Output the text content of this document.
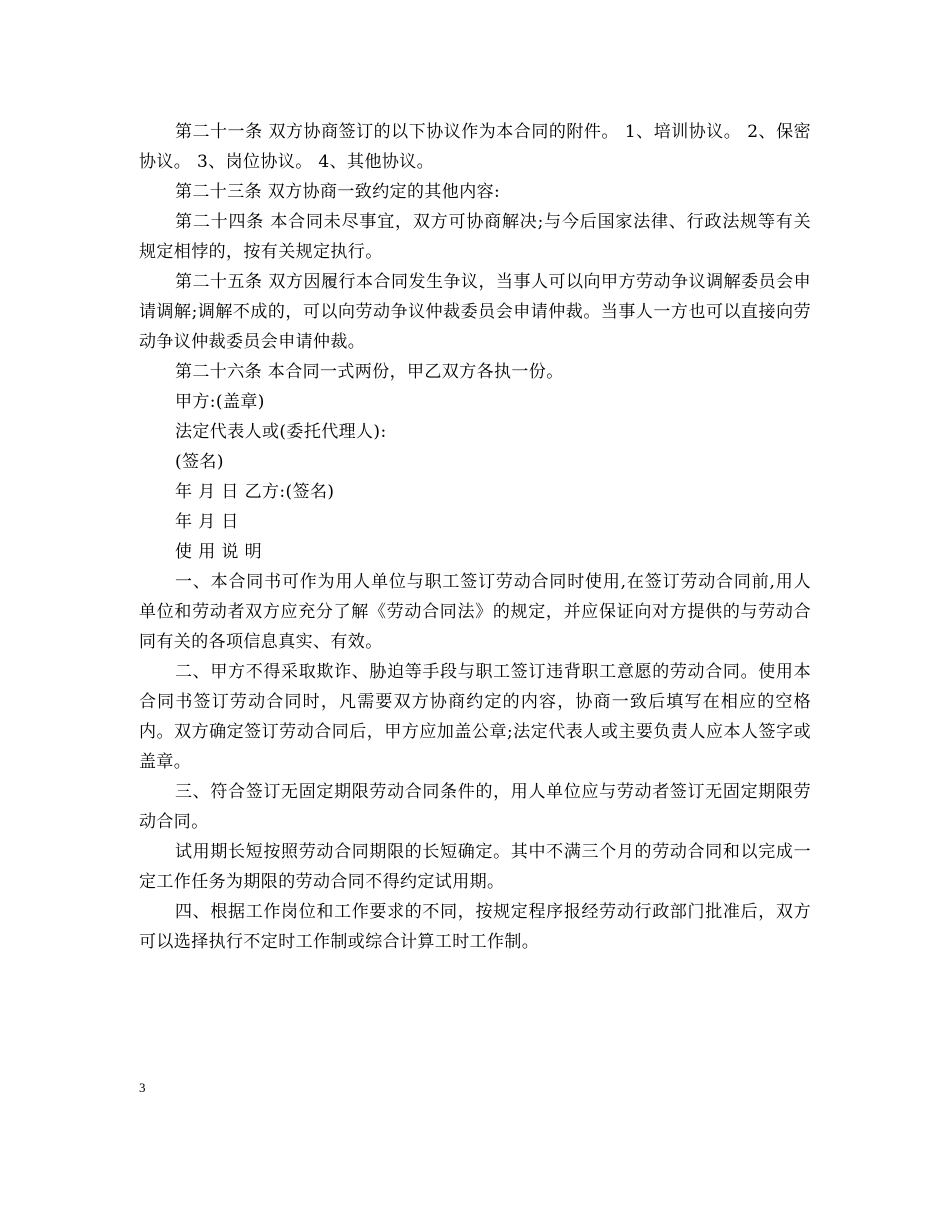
第二十一条 双方协商签订的以下协议作为本合同的附件。 1、培训协议。 2、保密协议。 3、岗位协议。 4、其他协议。

第二十三条 双方协商一致约定的其他内容:

第二十四条 本合同未尽事宜，双方可协商解决;与今后国家法律、行政法规等有关规定相悖的，按有关规定执行。

第二十五条 双方因履行本合同发生争议，当事人可以向甲方劳动争议调解委员会申请调解;调解不成的，可以向劳动争议仲裁委员会申请仲裁。当事人一方也可以直接向劳动争议仲裁委员会申请仲裁。

第二十六条 本合同一式两份，甲乙双方各执一份。

甲方:(盖章)

法定代表人或(委托代理人):

(签名)

年 月 日 乙方:(签名)

年 月 日

使 用 说 明

一、本合同书可作为用人单位与职工签订劳动合同时使用,在签订劳动合同前,用人单位和劳动者双方应充分了解《劳动合同法》的规定，并应保证向对方提供的与劳动合同有关的各项信息真实、有效。

二、甲方不得采取欺诈、胁迫等手段与职工签订违背职工意愿的劳动合同。使用本合同书签订劳动合同时，凡需要双方协商约定的内容，协商一致后填写在相应的空格内。双方确定签订劳动合同后，甲方应加盖公章;法定代表人或主要负责人应本人签字或盖章。

三、符合签订无固定期限劳动合同条件的，用人单位应与劳动者签订无固定期限劳动合同。

试用期长短按照劳动合同期限的长短确定。其中不满三个月的劳动合同和以完成一定工作任务为期限的劳动合同不得约定试用期。

四、根据工作岗位和工作要求的不同，按规定程序报经劳动行政部门批准后，双方可以选择执行不定时工作制或综合计算工时工作制。

3
